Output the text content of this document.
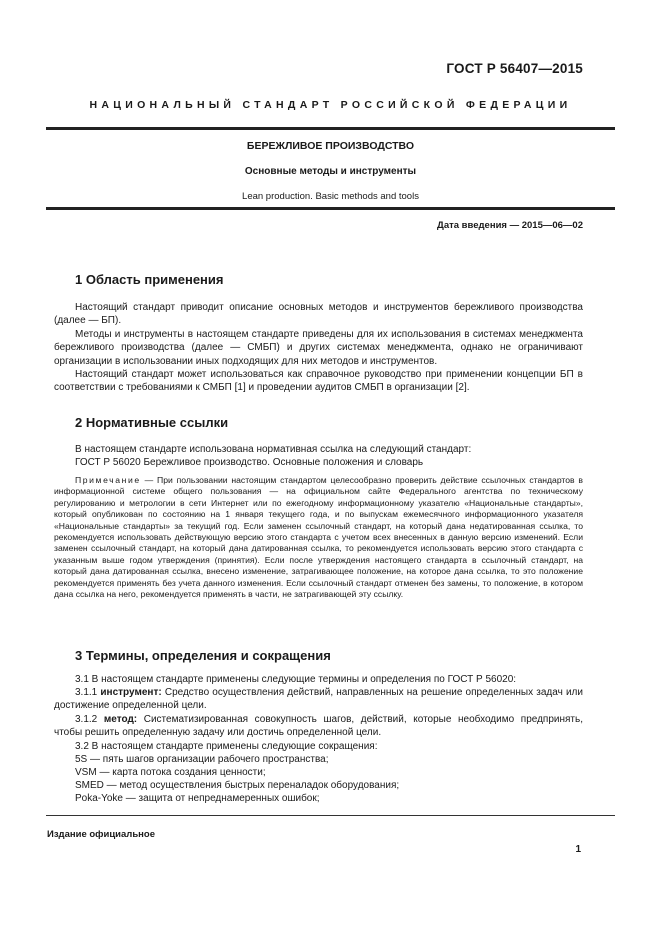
ГОСТ Р 56407—2015
НАЦИОНАЛЬНЫЙ СТАНДАРТ РОССИЙСКОЙ ФЕДЕРАЦИИ
БЕРЕЖЛИВОЕ ПРОИЗВОДСТВО
Основные методы и инструменты
Lean production. Basic methods and tools
Дата введения — 2015—06—02
1 Область применения
Настоящий стандарт приводит описание основных методов и инструментов бережливого производства (далее — БП).
Методы и инструменты в настоящем стандарте приведены для их использования в системах менеджмента бережливого производства (далее — СМБП) и других системах менеджмента, однако не ограничивают организации в использовании иных подходящих для них методов и инструментов.
Настоящий стандарт может использоваться как справочное руководство при применении концепции БП в соответствии с требованиями к СМБП [1] и проведении аудитов СМБП в организации [2].
2 Нормативные ссылки
В настоящем стандарте использована нормативная ссылка на следующий стандарт:
ГОСТ Р 56020 Бережливое производство. Основные положения и словарь
Примечание — При пользовании настоящим стандартом целесообразно проверить действие ссылочных стандартов в информационной системе общего пользования — на официальном сайте Федерального агентства по техническому регулированию и метрологии в сети Интернет или по ежегодному информационному указателю «Национальные стандарты», который опубликован по состоянию на 1 января текущего года, и по выпускам ежемесячного информационного указателя «Национальные стандарты» за текущий год. Если заменен ссылочный стандарт, на который дана недатированная ссылка, то рекомендуется использовать действующую версию этого стандарта с учетом всех внесенных в данную версию изменений. Если заменен ссылочный стандарт, на который дана датированная ссылка, то рекомендуется использовать версию этого стандарта с указанным выше годом утверждения (принятия). Если после утверждения настоящего стандарта в ссылочный стандарт, на который дана датированная ссылка, внесено изменение, затрагивающее положение, на которое дана ссылка, то это положение рекомендуется применять без учета данного изменения. Если ссылочный стандарт отменен без замены, то положение, в котором дана ссылка на него, рекомендуется применять в части, не затрагивающей эту ссылку.
3 Термины, определения и сокращения
3.1 В настоящем стандарте применены следующие термины и определения по ГОСТ Р 56020:
3.1.1 инструмент: Средство осуществления действий, направленных на решение определенных задач или достижение определенной цели.
3.1.2 метод: Систематизированная совокупность шагов, действий, которые необходимо предпринять, чтобы решить определенную задачу или достичь определенной цели.
3.2 В настоящем стандарте применены следующие сокращения:
5S — пять шагов организации рабочего пространства;
VSM — карта потока создания ценности;
SMED — метод осуществления быстрых переналадок оборудования;
Poka-Yoke — защита от непреднамеренных ошибок;
Издание официальное
1
